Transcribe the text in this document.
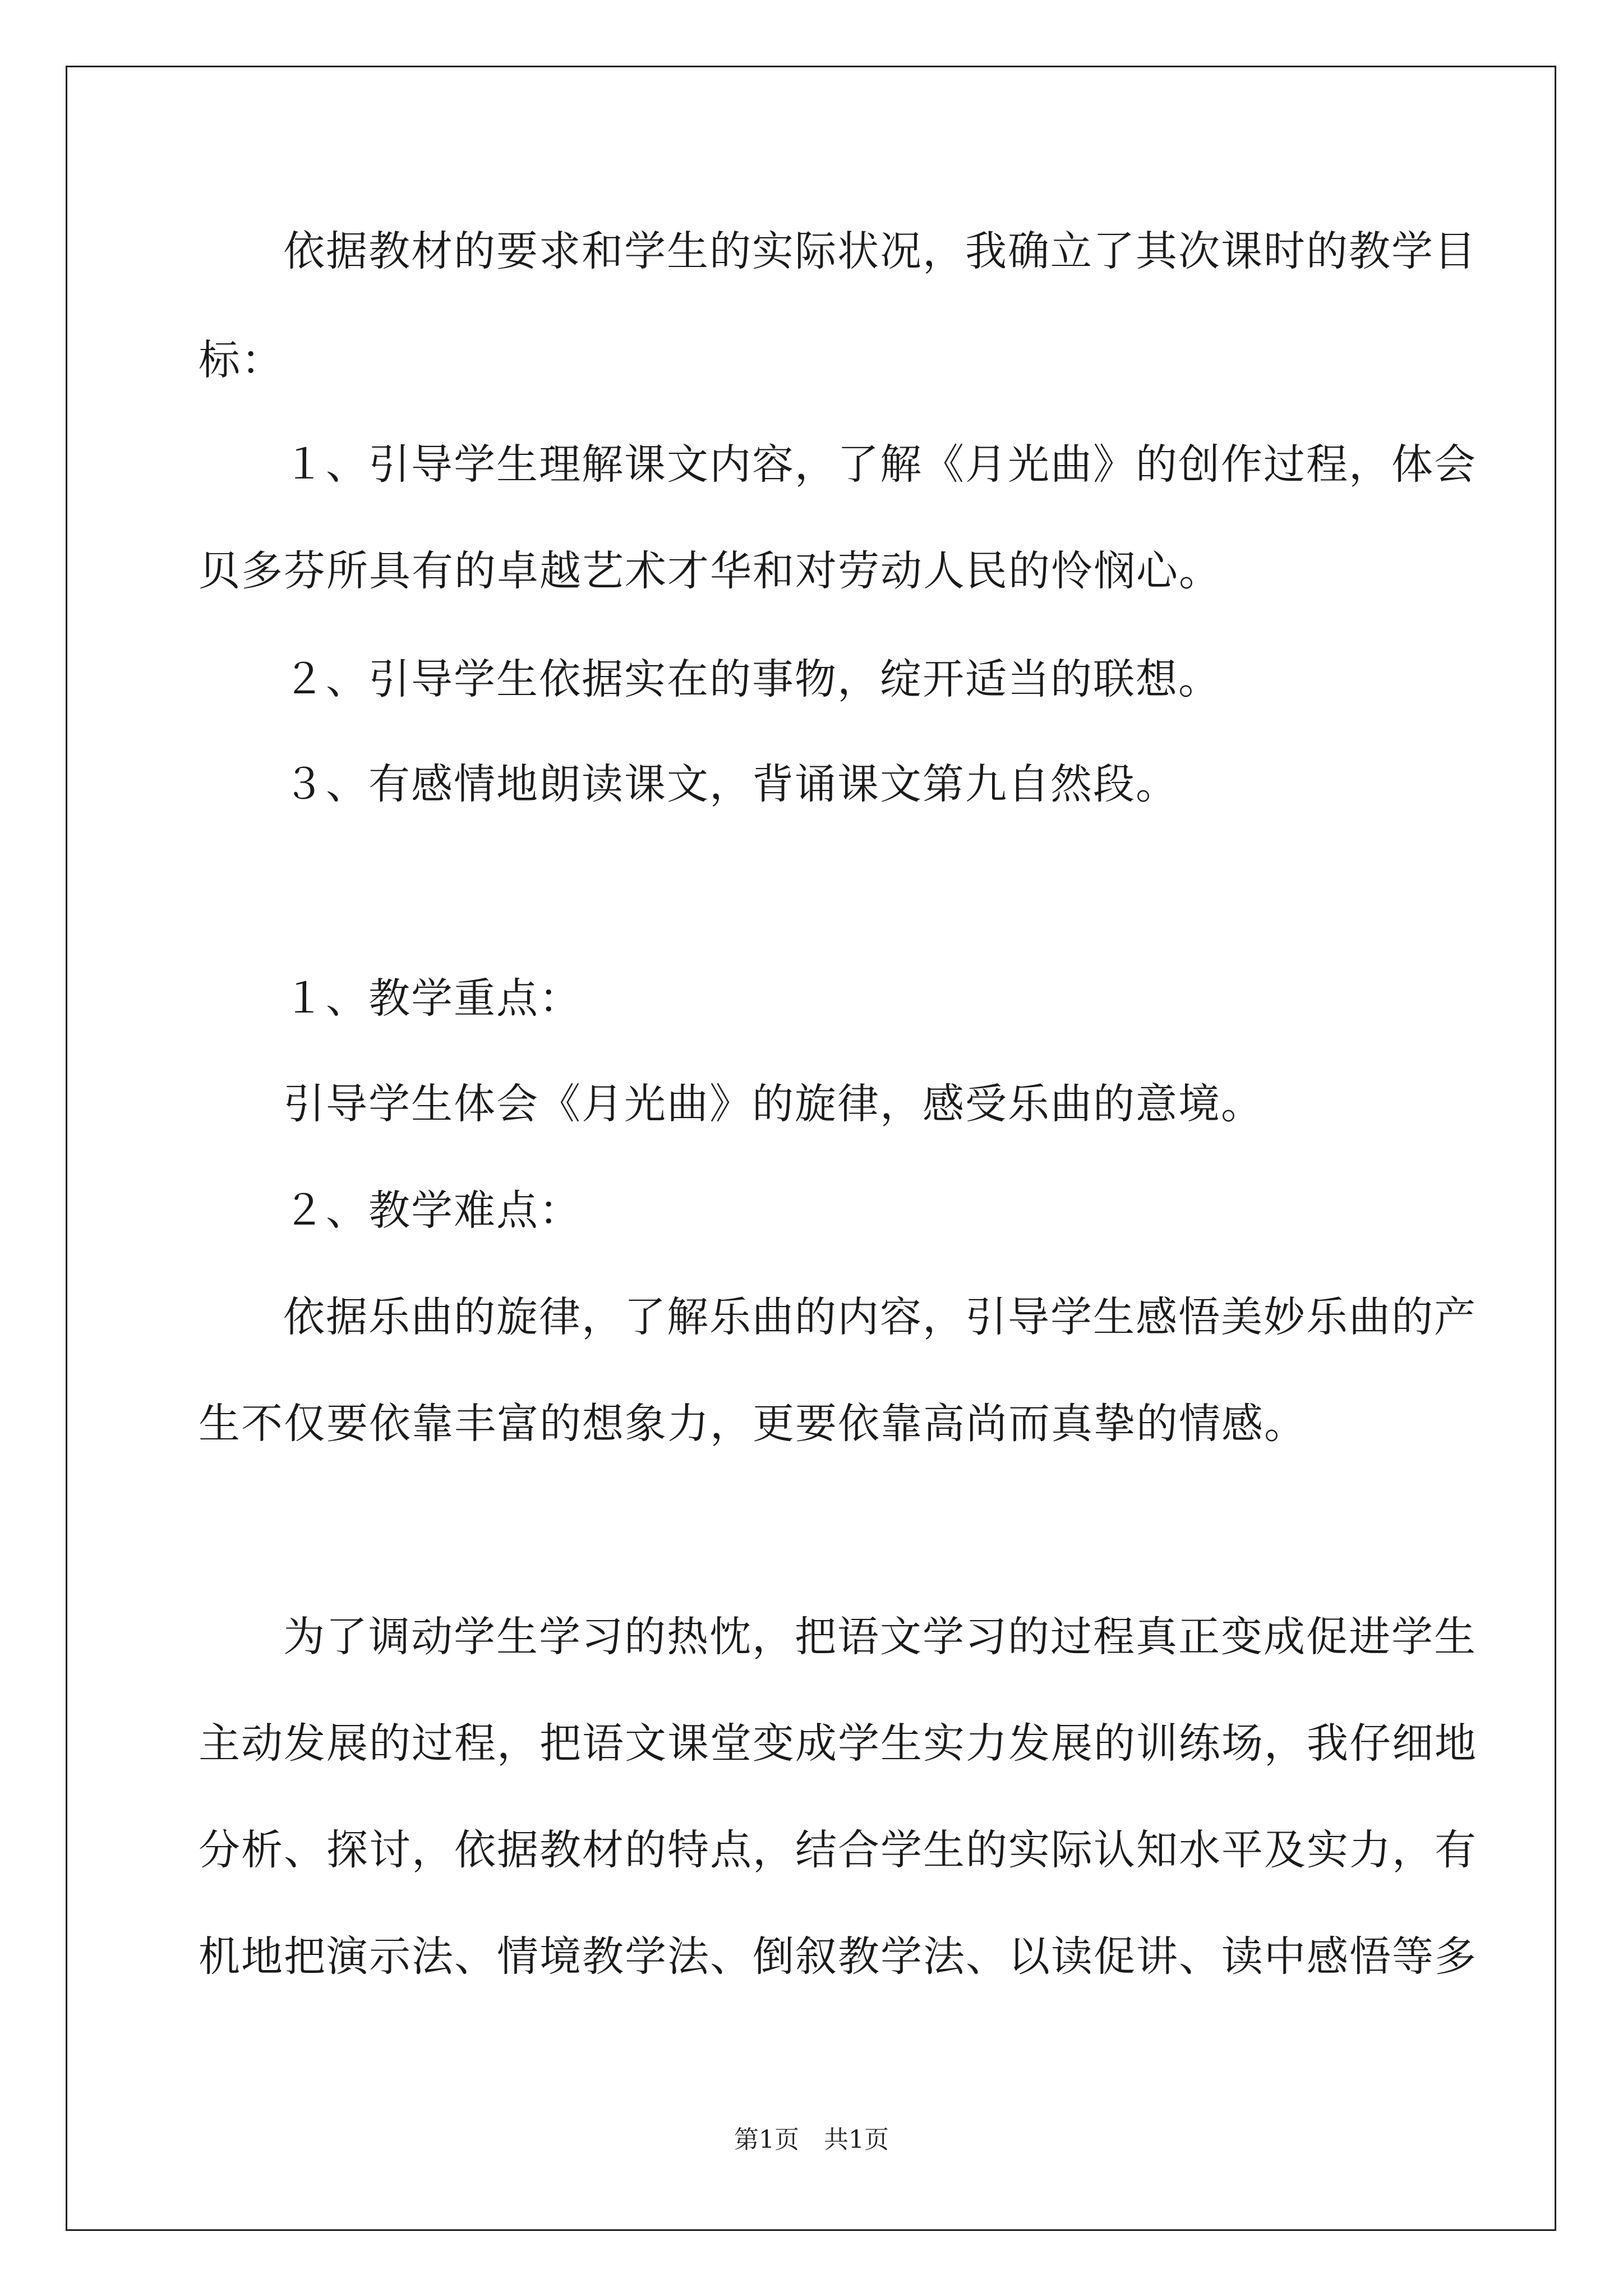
依据教材的要求和学生的实际状况，我确立了其次课时的教学目
标：
１、引导学生理解课文内容，了解《月光曲》的创作过程，体会
贝多芬所具有的卓越艺术才华和对劳动人民的怜悯心。
２、引导学生依据实在的事物，绽开适当的联想。
３、有感情地朗读课文，背诵课文第九自然段。
１、教学重点：
引导学生体会《月光曲》的旋律，感受乐曲的意境。
２、教学难点：
依据乐曲的旋律，了解乐曲的内容，引导学生感悟美妙乐曲的产
生不仅要依靠丰富的想象力，更要依靠高尚而真挚的情感。
为了调动学生学习的热忱，把语文学习的过程真正变成促进学生
主动发展的过程，把语文课堂变成学生实力发展的训练场，我仔细地
分析、探讨，依据教材的特点，结合学生的实际认知水平及实力，有
机地把演示法、情境教学法、倒叙教学法、以读促讲、读中感悟等多
第1页　共1页
